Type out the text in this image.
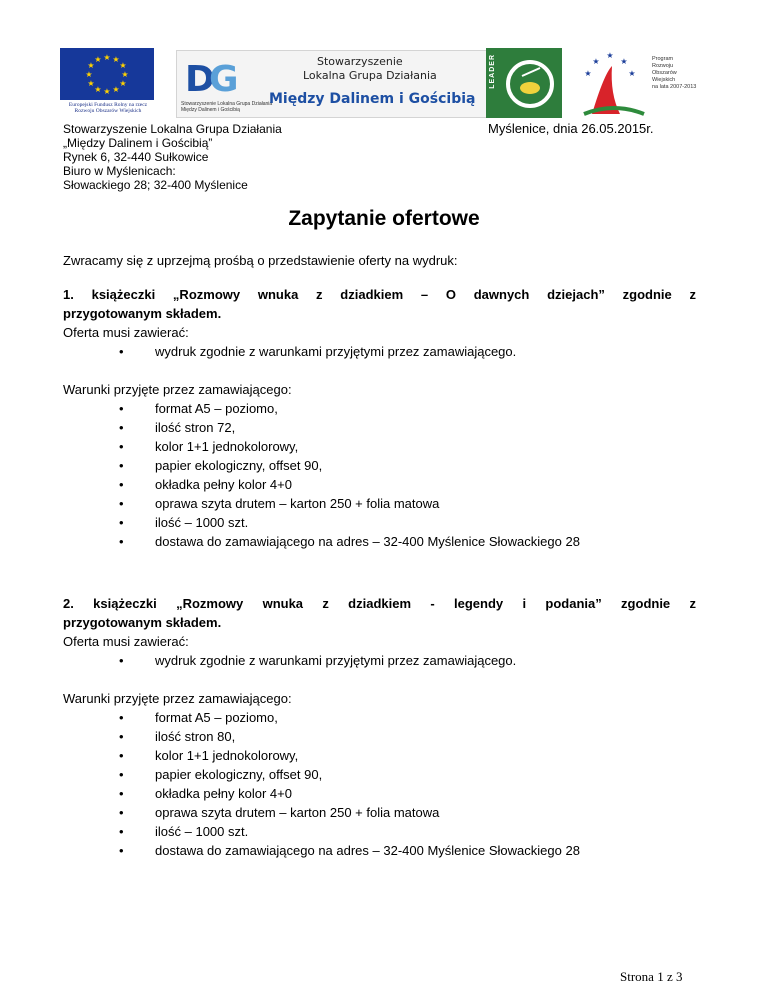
★ ★
★
★
★
★
★
★
★
★
★
★
Europejski Fundusz Rolny na rzecz Rozwoju Obszarów Wiejskich
D
G
Stowarzyszenie Lokalna Grupa Działania
Między Dalinem i Gościbią
Stowarzyszenie
Lokalna Grupa Działania
Między Dalinem i Gościbią
LEADER	★
★
★
★
★
Program
Rozwoju
Obszarów
Wiejskich
na lata 2007-2013
Stowarzyszenie Lokalna Grupa Działania
„Między Dalinem i Gościbią”
Rynek 6, 32-440 Sułkowice
Biuro w Myślenicach:
Słowackiego 28; 32-400 Myślenice
Myślenice, dnia 26.05.2015r.
Zapytanie ofertowe
Zwracamy się z uprzejmą prośbą o przedstawienie oferty na wydruk:
1. książeczki „Rozmowy wnuka z dziadkiem – O dawnych dziejach” zgodnie z
przygotowanym składem.
Oferta musi zawierać:
• wydruk zgodnie z warunkami przyjętymi przez zamawiającego.
Warunki przyjęte przez zamawiającego:
• format A5 – poziomo,
• ilość stron 72,
• kolor 1+1 jednokolorowy,
• papier ekologiczny, offset 90,
• okładka pełny kolor 4+0
• oprawa szyta drutem – karton 250 + folia matowa
• ilość – 1000 szt.
• dostawa do zamawiającego na adres – 32-400 Myślenice Słowackiego 28
2. książeczki „Rozmowy wnuka z dziadkiem - legendy i podania” zgodnie z
przygotowanym składem.
Oferta musi zawierać:
• wydruk zgodnie z warunkami przyjętymi przez zamawiającego.
Warunki przyjęte przez zamawiającego:
• format A5 – poziomo,
• ilość stron 80,
• kolor 1+1 jednokolorowy,
• papier ekologiczny, offset 90,
• okładka pełny kolor 4+0
• oprawa szyta drutem – karton 250 + folia matowa
• ilość – 1000 szt.
• dostawa do zamawiającego na adres – 32-400 Myślenice Słowackiego 28
Strona 1 z 3
